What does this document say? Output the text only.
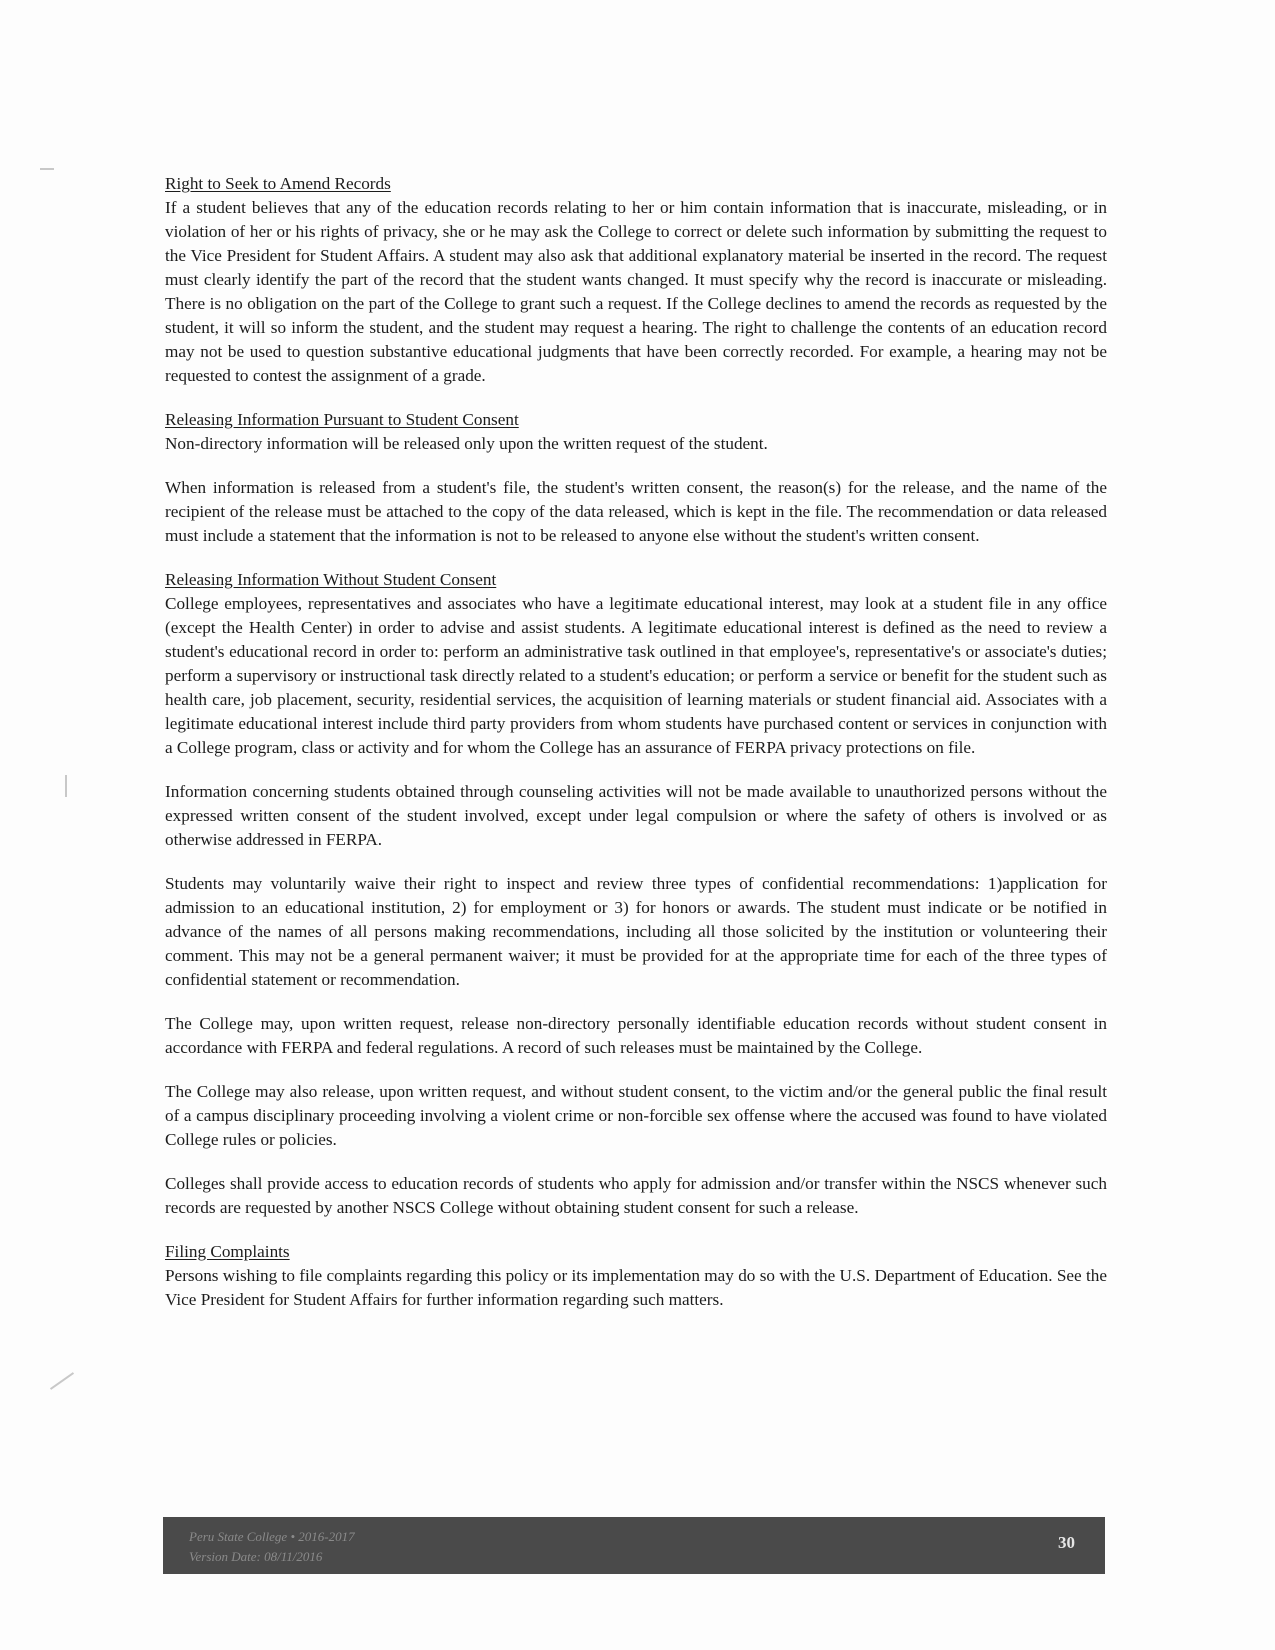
Right to Seek to Amend Records
If a student believes that any of the education records relating to her or him contain information that is inaccurate, misleading, or in violation of her or his rights of privacy, she or he may ask the College to correct or delete such information by submitting the request to the Vice President for Student Affairs. A student may also ask that additional explanatory material be inserted in the record. The request must clearly identify the part of the record that the student wants changed. It must specify why the record is inaccurate or misleading. There is no obligation on the part of the College to grant such a request. If the College declines to amend the records as requested by the student, it will so inform the student, and the student may request a hearing. The right to challenge the contents of an education record may not be used to question substantive educational judgments that have been correctly recorded. For example, a hearing may not be requested to contest the assignment of a grade.
Releasing Information Pursuant to Student Consent
Non-directory information will be released only upon the written request of the student.
When information is released from a student's file, the student's written consent, the reason(s) for the release, and the name of the recipient of the release must be attached to the copy of the data released, which is kept in the file. The recommendation or data released must include a statement that the information is not to be released to anyone else without the student's written consent.
Releasing Information Without Student Consent
College employees, representatives and associates who have a legitimate educational interest, may look at a student file in any office (except the Health Center) in order to advise and assist students. A legitimate educational interest is defined as the need to review a student's educational record in order to: perform an administrative task outlined in that employee's, representative's or associate's duties; perform a supervisory or instructional task directly related to a student's education; or perform a service or benefit for the student such as health care, job placement, security, residential services, the acquisition of learning materials or student financial aid. Associates with a legitimate educational interest include third party providers from whom students have purchased content or services in conjunction with a College program, class or activity and for whom the College has an assurance of FERPA privacy protections on file.
Information concerning students obtained through counseling activities will not be made available to unauthorized persons without the expressed written consent of the student involved, except under legal compulsion or where the safety of others is involved or as otherwise addressed in FERPA.
Students may voluntarily waive their right to inspect and review three types of confidential recommendations: 1)application for admission to an educational institution, 2) for employment or 3) for honors or awards. The student must indicate or be notified in advance of the names of all persons making recommendations, including all those solicited by the institution or volunteering their comment. This may not be a general permanent waiver; it must be provided for at the appropriate time for each of the three types of confidential statement or recommendation.
The College may, upon written request, release non-directory personally identifiable education records without student consent in accordance with FERPA and federal regulations. A record of such releases must be maintained by the College.
The College may also release, upon written request, and without student consent, to the victim and/or the general public the final result of a campus disciplinary proceeding involving a violent crime or non-forcible sex offense where the accused was found to have violated College rules or policies.
Colleges shall provide access to education records of students who apply for admission and/or transfer within the NSCS whenever such records are requested by another NSCS College without obtaining student consent for such a release.
Filing Complaints
Persons wishing to file complaints regarding this policy or its implementation may do so with the U.S. Department of Education. See the Vice President for Student Affairs for further information regarding such matters.
Peru State College • 2016-2017
Version Date: 08/11/2016
30
